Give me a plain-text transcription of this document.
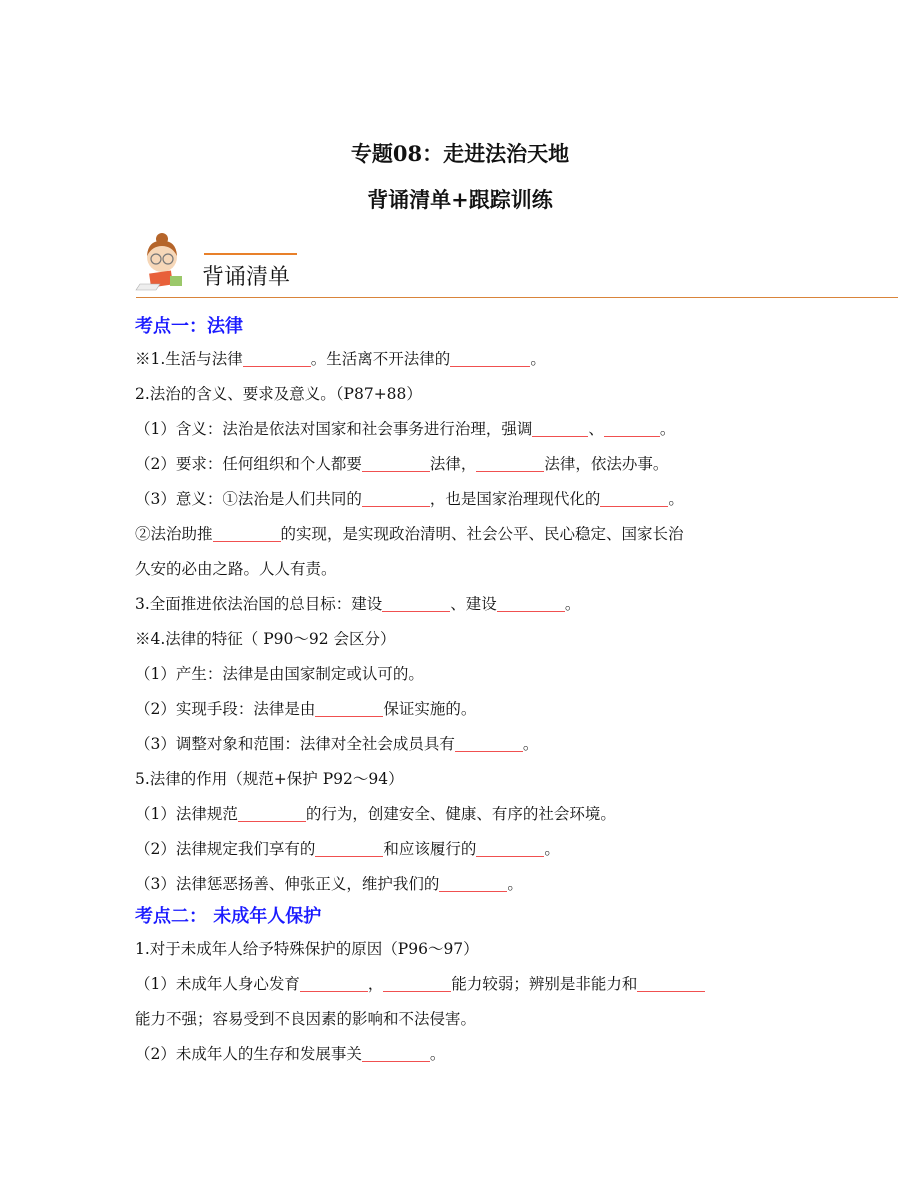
专题08：走进法治天地
背诵清单+跟踪训练
背诵清单
考点一：法律
※1.生活与法律	。生活离不开法律的	。
2.法治的含义、要求及意义。（P87+88）
（1）含义：法治是依法对国家和社会事务进行治理，强调	、	。
（2）要求：任何组织和个人都要	法律，	法律，依法办事。
（3）意义：①法治是人们共同的	，也是国家治理现代化的	。
②法治助推	的实现，是实现政治清明、社会公平、民心稳定、国家长治
久安的必由之路。人人有责。
3.全面推进依法治国的总目标：建设	、建设	。
※4.法律的特征（ P90～92 会区分）
（1）产生：法律是由国家制定或认可的。
（2）实现手段：法律是由	保证实施的。
（3）调整对象和范围：法律对全社会成员具有	。
5.法律的作用（规范+保护 P92～94）
（1）法律规范	的行为，创建安全、健康、有序的社会环境。
（2）法律规定我们享有的	和应该履行的	。
（3）法律惩恶扬善、伸张正义，维护我们的	。
考点二： 未成年人保护
1.对于未成年人给予特殊保护的原因（P96～97）
（1）未成年人身心发育	，	能力较弱；辨别是非能力和
能力不强；容易受到不良因素的影响和不法侵害。
（2）未成年人的生存和发展事关	。
